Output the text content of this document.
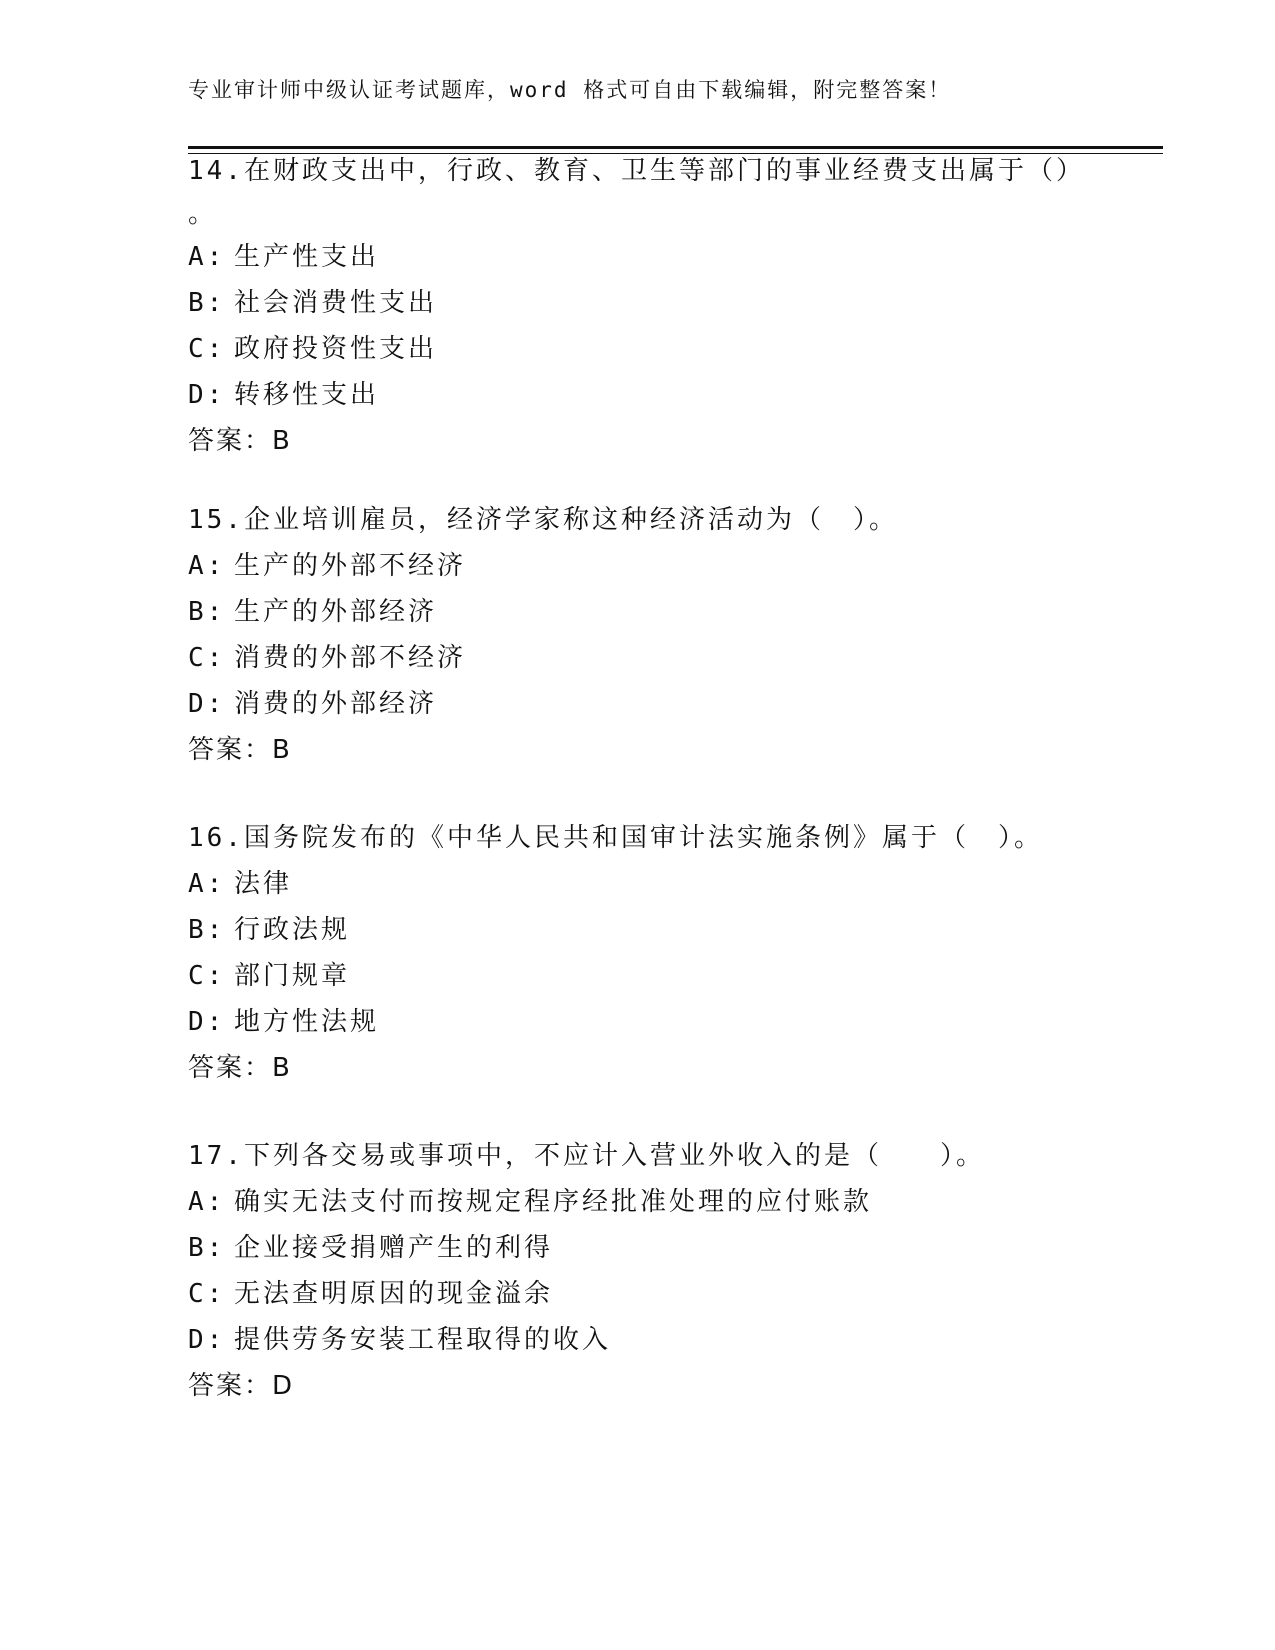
专业审计师中级认证考试题库，word 格式可自由下载编辑，附完整答案！
14.在财政支出中，行政、教育、卫生等部门的事业经费支出属于（）
。
A: 生产性支出
B: 社会消费性支出
C: 政府投资性支出
D: 转移性支出
答案：B
15.企业培训雇员，经济学家称这种经济活动为（　）。
A: 生产的外部不经济
B: 生产的外部经济
C: 消费的外部不经济
D: 消费的外部经济
答案：B
16.国务院发布的《中华人民共和国审计法实施条例》属于（　）。
A: 法律
B: 行政法规
C: 部门规章
D: 地方性法规
答案：B
17.下列各交易或事项中，不应计入营业外收入的是（　　）。
A: 确实无法支付而按规定程序经批准处理的应付账款
B: 企业接受捐赠产生的利得
C: 无法查明原因的现金溢余
D: 提供劳务安装工程取得的收入
答案：D
